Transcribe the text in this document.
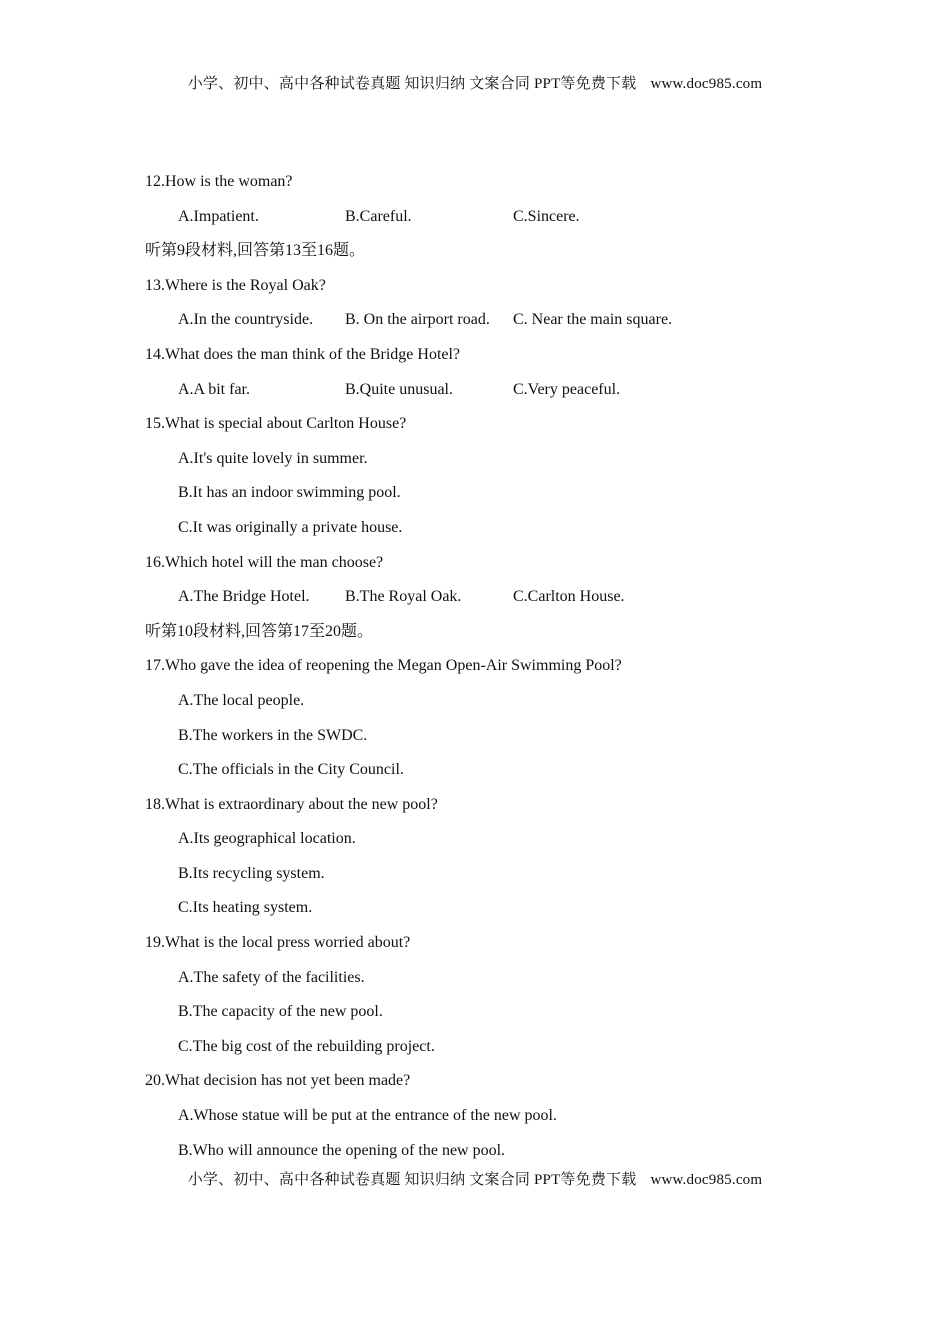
小学、初中、高中各种试卷真题 知识归纳 文案合同 PPT等免费下载 www.doc985.com
12.How is the woman?
A.Impatient.	B.Careful.	C.Sincere.
听第9段材料,回答第13至16题。
13.Where is the Royal Oak?
A.In the countryside. B. On the airport road. C. Near the main square.
14.What does the man think of the Bridge Hotel?
A.A bit far.	B.Quite unusual.	C.Very peaceful.
15.What is special about Carlton House?
A.It's quite lovely in summer.
B.It has an indoor swimming pool.
C.It was originally a private house.
16.Which hotel will the man choose?
A.The Bridge Hotel. B.The Royal Oak.	C.Carlton House.
听第10段材料,回答第17至20题。
17.Who gave the idea of reopening the Megan Open-Air Swimming Pool?
A.The local people.
B.The workers in the SWDC.
C.The officials in the City Council.
18.What is extraordinary about the new pool?
A.Its geographical location.
B.Its recycling system.
C.Its heating system.
19.What is the local press worried about?
A.The safety of the facilities.
B.The capacity of the new pool.
C.The big cost of the rebuilding project.
20.What decision has not yet been made?
A.Whose statue will be put at the entrance of the new pool.
B.Who will announce the opening of the new pool.
小学、初中、高中各种试卷真题 知识归纳 文案合同 PPT等免费下载 www.doc985.com
